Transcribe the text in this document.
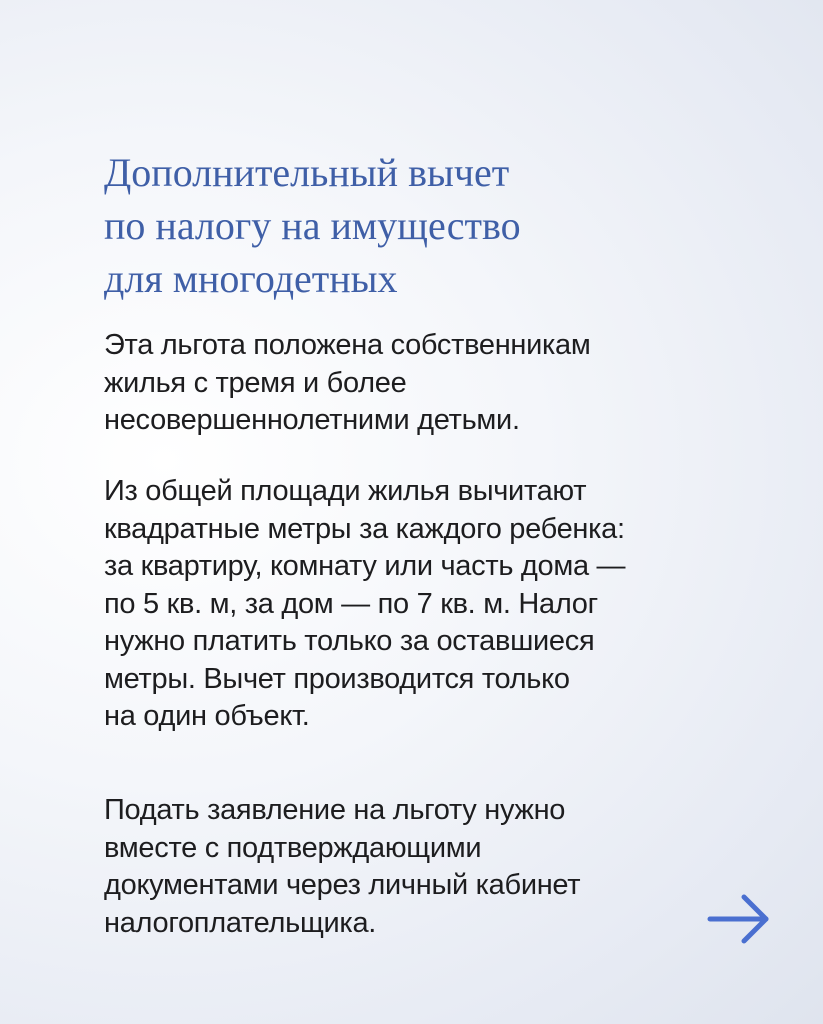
Дополнительный вычет
по налогу на имущество
для многодетных

Эта льгота положена собственникам
жилья с тремя и более
несовершеннолетними детьми.

Из общей площади жилья вычитают
квадратные метры за каждого ребенка:
за квартиру, комнату или часть дома —
по 5 кв. м, за дом — по 7 кв. м. Налог
нужно платить только за оставшиеся
метры. Вычет производится только
на один объект.

Подать заявление на льготу нужно
вместе с подтверждающими
документами через личный кабинет
налогоплательщика.
